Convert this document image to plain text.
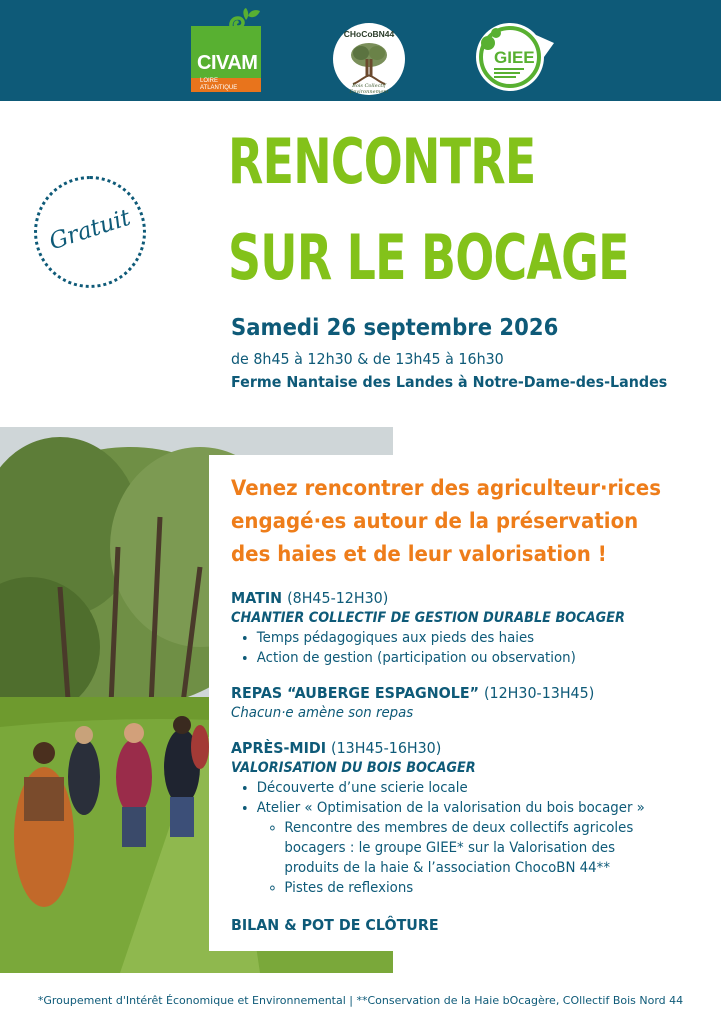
CIVAM
LOIRE
ATLANTIQUE
CHoCoBN44
Bois Collectif Environnement
GIEE
Gratuit
RENCONTRE
SUR LE BOCAGE
Samedi 26 septembre 2026
de 8h45 à 12h30 & de 13h45 à 16h30
Ferme Nantaise des Landes à Notre-Dame-des-Landes
Venez rencontrer des agriculteur·rices
engagé·es autour de la préservation
des haies et de leur valorisation !
MATIN (8H45-12H30)
CHANTIER COLLECTIF DE GESTION DURABLE BOCAGER
• Temps pédagogiques aux pieds des haies
• Action de gestion (participation ou observation)
REPAS “AUBERGE ESPAGNOLE” (12H30-13H45)
Chacun·e amène son repas
APRÈS-MIDI (13H45-16H30)
VALORISATION DU BOIS BOCAGER
• Découverte d’une scierie locale
• Atelier « Optimisation de la valorisation du bois bocager »
◦ Rencontre des membres de deux collectifs agricoles
bocagers : le groupe GIEE* sur la Valorisation des
produits de la haie & l’association ChocoBN 44**
◦ Pistes de reflexions
BILAN & POT DE CLÔTURE
*Groupement d'Intérêt Économique et Environnemental | **Conservation de la Haie bOcagère, COllectif Bois Nord 44
